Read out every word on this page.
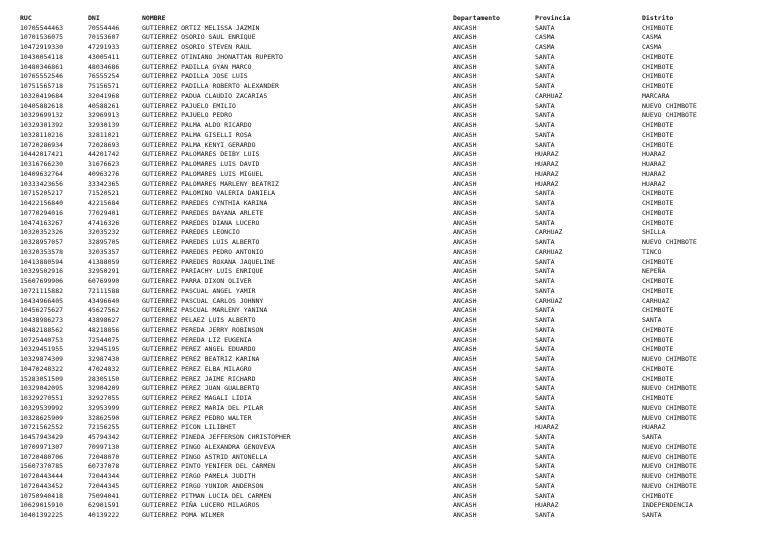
RUC	DNI	NOMBRE	Departamento	Provincia	Distrito
10705544463	70554446	GUTIERREZ ORTIZ MELISSA JAZMIN	ANCASH	SANTA	CHIMBOTE
10701536075	70153607	GUTIERREZ OSORIO SAUL ENRIQUE	ANCASH	CASMA	CASMA
10472919330	47291933	GUTIERREZ OSORIO STEVEN RAUL	ANCASH	CASMA	CASMA
10430054118	43005411	GUTIERREZ OTINIANO JHONATTAN RUPERTO	ANCASH	SANTA	CHIMBOTE
10480346861	48034686	GUTIERREZ PADILLA GYAN MARCO	ANCASH	SANTA	CHIMBOTE
10765552546	76555254	GUTIERREZ PADILLA JOSE LUIS	ANCASH	SANTA	CHIMBOTE
10751565718	75156571	GUTIERREZ PADILLA ROBERTO ALEXANDER	ANCASH	SANTA	CHIMBOTE
10320419684	32041968	GUTIERREZ PADUA CLAUDIO ZACARIAS	ANCASH	CARHUAZ	MARCARA
10405882618	40588261	GUTIERREZ PAJUELO EMILIO	ANCASH	SANTA	NUEVO CHIMBOTE
10329699132	32969913	GUTIERREZ PAJUELO PEDRO	ANCASH	SANTA	NUEVO CHIMBOTE
10329301392	32930139	GUTIERREZ PALMA ALDO RICARDO	ANCASH	SANTA	CHIMBOTE
10328110216	32811021	GUTIERREZ PALMA GISELLI ROSA	ANCASH	SANTA	CHIMBOTE
10720286934	72028693	GUTIERREZ PALMA KENYI GERARDO	ANCASH	SANTA	CHIMBOTE
10442017421	44201742	GUTIERREZ PALOMARES DEIBY LUIS	ANCASH	HUARAZ	HUARAZ
10316766230	31676623	GUTIERREZ PALOMARES LUIS DAVID	ANCASH	HUARAZ	HUARAZ
10409632764	40963276	GUTIERREZ PALOMARES LUIS MIGUEL	ANCASH	HUARAZ	HUARAZ
10333423656	33342365	GUTIERREZ PALOMARES MARLENY BEATRIZ	ANCASH	HUARAZ	HUARAZ
10715205217	71520521	GUTIERREZ PALOMINO VALERIA DANIELA	ANCASH	SANTA	CHIMBOTE
10422156840	42215684	GUTIERREZ PAREDES CYNTHIA KARINA	ANCASH	SANTA	CHIMBOTE
10770294016	77029401	GUTIERREZ PAREDES DAYANA ARLETE	ANCASH	SANTA	CHIMBOTE
10474163267	47416326	GUTIERREZ PAREDES DIANA LUCERO	ANCASH	SANTA	CHIMBOTE
10320352326	32035232	GUTIERREZ PAREDES LEONCIO	ANCASH	CARHUAZ	SHILLA
10328957057	32895705	GUTIERREZ PAREDES LUIS ALBERTO	ANCASH	SANTA	NUEVO CHIMBOTE
10320353578	32035357	GUTIERREZ PAREDES PEDRO ANTONIO	ANCASH	CARHUAZ	TINCO
10413880594	41388059	GUTIERREZ PAREDES ROXANA JAQUELINE	ANCASH	SANTA	CHIMBOTE
10329502916	32950291	GUTIERREZ PARIACHY LUIS ENRIQUE	ANCASH	SANTA	NEPEÑA
15607699906	60769990	GUTIERREZ PARRA DIXON OLIVER	ANCASH	SANTA	CHIMBOTE
10721115882	72111588	GUTIERREZ PASCUAL ANGEL YAMIR	ANCASH	SANTA	CHIMBOTE
10434966405	43496640	GUTIERREZ PASCUAL CARLOS JOHNNY	ANCASH	CARHUAZ	CARHUAZ
10456275627	45627562	GUTIERREZ PASCUAL MARLENY YANINA	ANCASH	SANTA	CHIMBOTE
10438986273	43898627	GUTIERREZ PELAEZ LUIS ALBERTO	ANCASH	SANTA	SANTA
10482188562	48218856	GUTIERREZ PEREDA JERRY ROBINSON	ANCASH	SANTA	CHIMBOTE
10725440753	72544075	GUTIERREZ PEREDA LIZ EUGENIA	ANCASH	SANTA	CHIMBOTE
10329451955	32945195	GUTIERREZ PEREZ ANGEL EDUARDO	ANCASH	SANTA	CHIMBOTE
10329874309	32987430	GUTIERREZ PEREZ BEATRIZ KARINA	ANCASH	SANTA	NUEVO CHIMBOTE
10470248322	47024832	GUTIERREZ PEREZ ELBA MILAGRO	ANCASH	SANTA	CHIMBOTE
15283051509	28305150	GUTIERREZ PEREZ JAIME RICHARD	ANCASH	SANTA	CHIMBOTE
10329042095	32904209	GUTIERREZ PEREZ JUAN GUALBERTO	ANCASH	SANTA	NUEVO CHIMBOTE
10329270551	32927055	GUTIERREZ PEREZ MAGALI LIDIA	ANCASH	SANTA	CHIMBOTE
10329539992	32953999	GUTIERREZ PEREZ MARIA DEL PILAR	ANCASH	SANTA	NUEVO CHIMBOTE
10328625909	32862590	GUTIERREZ PEREZ PEDRO WALTER	ANCASH	SANTA	NUEVO CHIMBOTE
10721562552	72156255	GUTIERREZ PICON LILIBHET	ANCASH	HUARAZ	HUARAZ
10457943429	45794342	GUTIERREZ PINEDA JEFFERSON CHRISTOPHER	ANCASH	SANTA	SANTA
10709971307	70997130	GUTIERREZ PINGO ALEXANDRA GENOVEVA	ANCASH	SANTA	NUEVO CHIMBOTE
10720480706	72048070	GUTIERREZ PINGO ASTRID ANTONELLA	ANCASH	SANTA	NUEVO CHIMBOTE
15607370785	60737078	GUTIERREZ PINTO YENIFER DEL CARMEN	ANCASH	SANTA	NUEVO CHIMBOTE
10720443444	72044344	GUTIERREZ PIRGO PAMELA JUDITH	ANCASH	SANTA	NUEVO CHIMBOTE
10720443452	72044345	GUTIERREZ PIRGO YUNIOR ANDERSON	ANCASH	SANTA	NUEVO CHIMBOTE
10750940418	75094041	GUTIERREZ PITMAN LUCIA DEL CARMEN	ANCASH	SANTA	CHIMBOTE
10629015910	62901591	GUTIERREZ PIÑA LUCERO MILAGROS	ANCASH	HUARAZ	INDEPENDENCIA
10401392225	40139222	GUTIERREZ POMA WILMER	ANCASH	SANTA	SANTA
